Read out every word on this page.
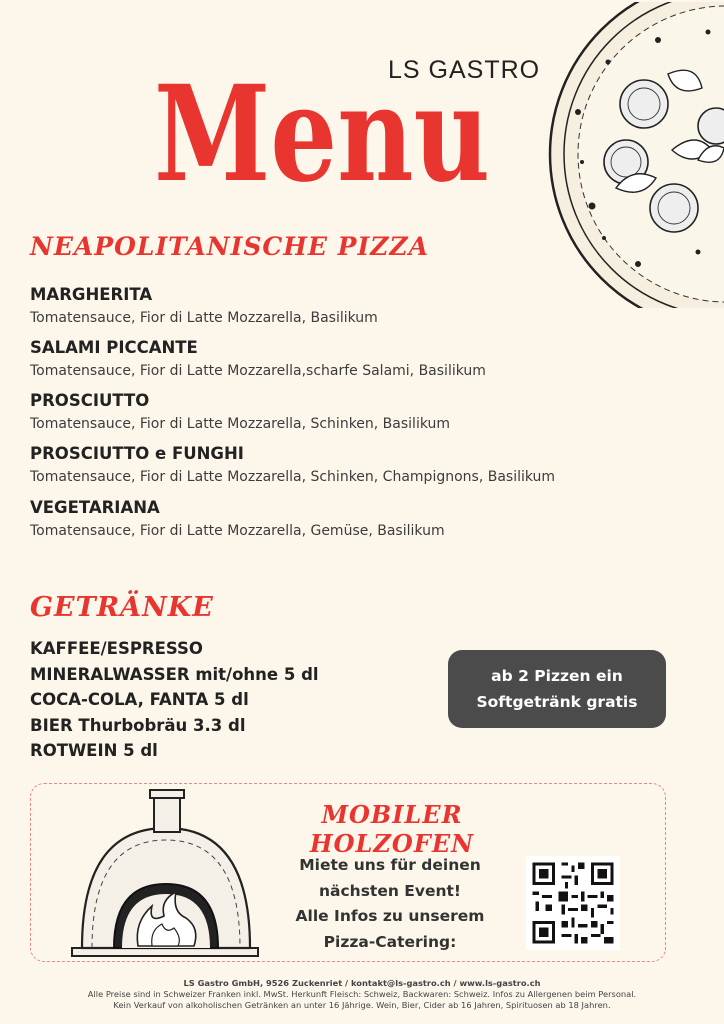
LS GASTRO
Menu
NEAPOLITANISCHE PIZZA
MARGHERITA
Tomatensauce, Fior di Latte Mozzarella, Basilikum
SALAMI PICCANTE
Tomatensauce, Fior di Latte Mozzarella,scharfe Salami, Basilikum
PROSCIUTTO
Tomatensauce, Fior di Latte Mozzarella, Schinken, Basilikum
PROSCIUTTO e FUNGHI
Tomatensauce, Fior di Latte Mozzarella, Schinken, Champignons, Basilikum
VEGETARIANA
Tomatensauce, Fior di Latte Mozzarella, Gemüse, Basilikum
GETRÄNKE
KAFFEE/ESPRESSO
MINERALWASSER mit/ohne 5 dl
COCA-COLA, FANTA 5 dl
BIER Thurbobräu 3.3 dl
ROTWEIN 5 dl
ab 2 Pizzen ein
Softgetränk gratis
MOBILER HOLZOFEN
Miete uns für deinen
nächsten Event!
Alle Infos zu unserem
Pizza-Catering:
LS Gastro GmbH, 9526 Zuckenriet / kontakt@ls-gastro.ch / www.ls-gastro.ch
Alle Preise sind in Schweizer Franken inkl. MwSt. Herkunft Fleisch: Schweiz, Backwaren: Schweiz. Infos zu Allergenen beim Personal.
Kein Verkauf von alkoholischen Getränken an unter 16 Jährige. Wein, Bier, Cider ab 16 Jahren, Spirituosen ab 18 Jahren.
